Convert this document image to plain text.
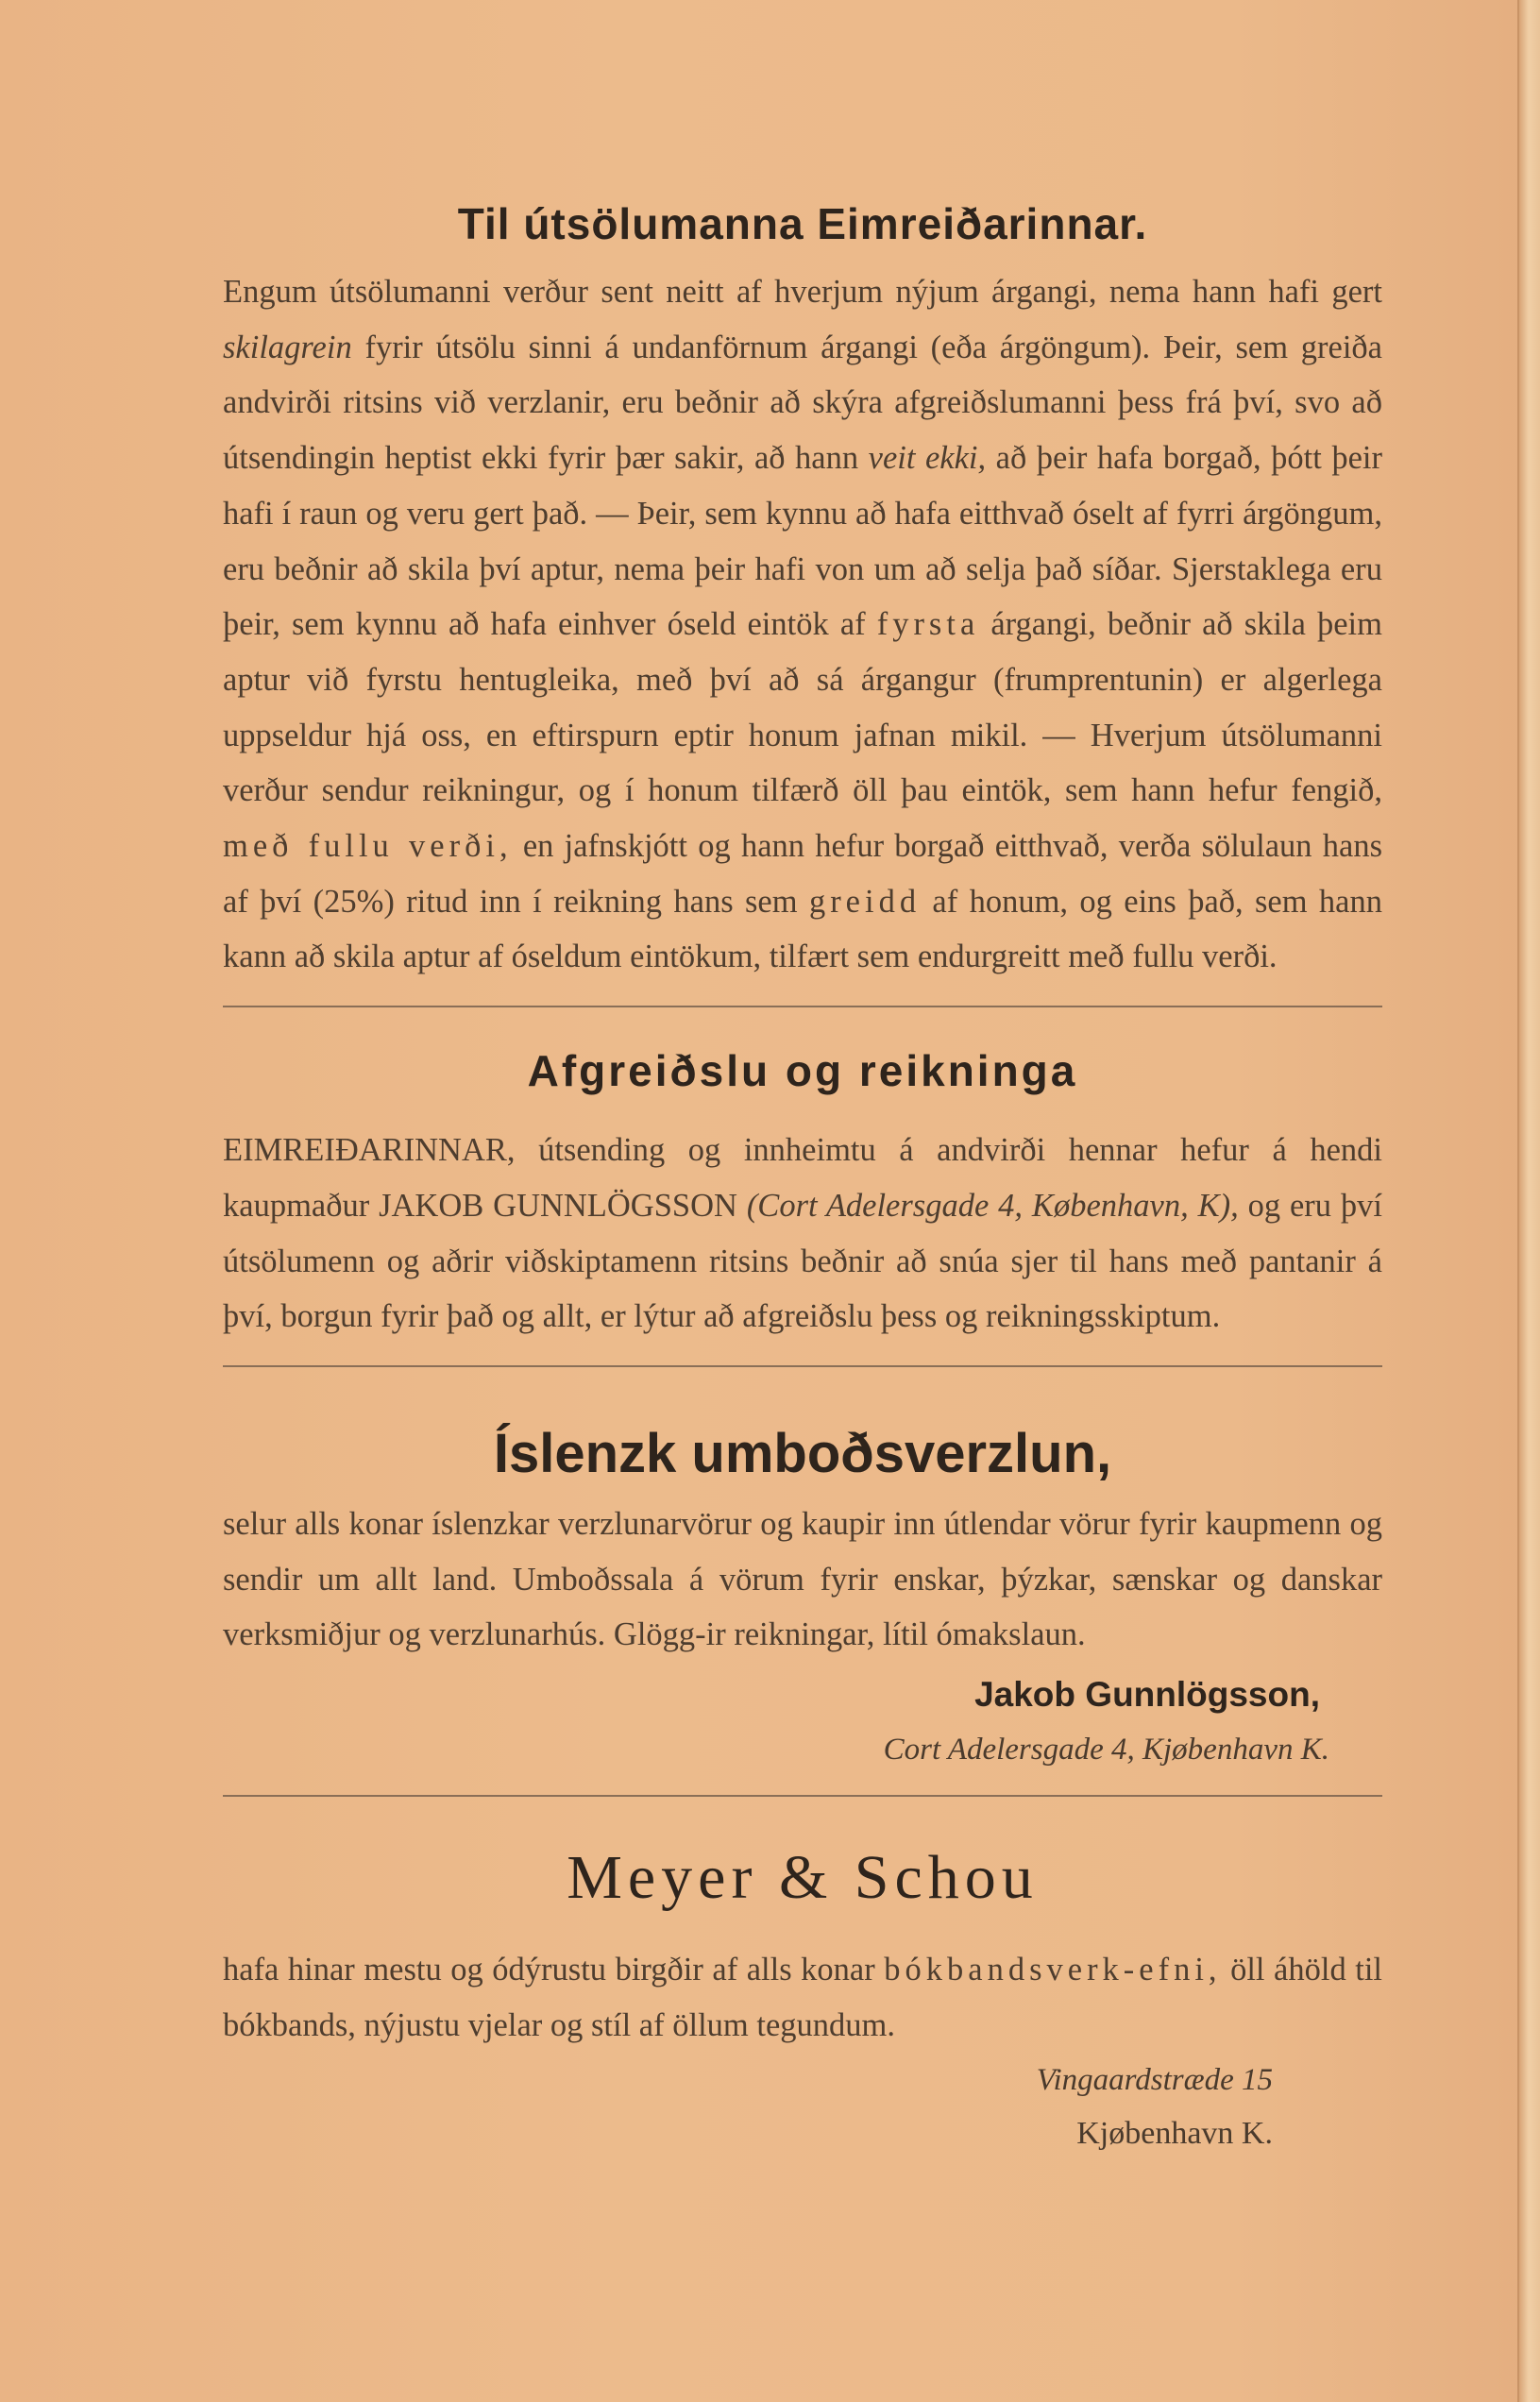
Til útsölumanna Eimreiðarinnar.

Engum útsölumanni verður sent neitt af hverjum nýjum árgangi, nema hann hafi gert skilagrein fyrir útsölu sinni á undanförnum árgangi (eða árgöngum). Þeir, sem greiða andvirði ritsins við verzlanir, eru beðnir að skýra afgreiðslumanni þess frá því, svo að útsendingin heptist ekki fyrir þær sakir, að hann veit ekki, að þeir hafa borgað, þótt þeir hafi í raun og veru gert það. — Þeir, sem kynnu að hafa eitthvað óselt af fyrri árgöngum, eru beðnir að skila því aptur, nema þeir hafi von um að selja það síðar. Sjerstaklega eru þeir, sem kynnu að hafa einhver óseld eintök af fyrsta árgangi, beðnir að skila þeim aptur við fyrstu hentugleika, með því að sá árgangur (frumprentunin) er algerlega uppseldur hjá oss, en eftirspurn eptir honum jafnan mikil. — Hverjum útsölumanni verður sendur reikningur, og í honum tilfærð öll þau eintök, sem hann hefur fengið, með fullu verði, en jafnskjótt og hann hefur borgað eitthvað, verða sölulaun hans af því (25%) ritud inn í reikning hans sem greidd af honum, og eins það, sem hann kann að skila aptur af óseldum eintökum, tilfært sem endurgreitt með fullu verði.

Afgreiðslu og reikninga

EIMREIÐARINNAR, útsending og innheimtu á andvirði hennar hefur á hendi kaupmaður JAKOB GUNNLÖGSSON (Cort Adelersgade 4, København, K), og eru því útsölumenn og aðrir viðskiptamenn ritsins beðnir að snúa sjer til hans með pantanir á því, borgun fyrir það og allt, er lýtur að afgreiðslu þess og reikningsskiptum.

Íslenzk umboðsverzlun,

selur alls konar íslenzkar verzlunarvörur og kaupir inn útlendar vörur fyrir kaupmenn og sendir um allt land. Umboðssala á vörum fyrir enskar, þýzkar, sænskar og danskar verksmiðjur og verzlunarhús. Glögg-ir reikningar, lítil ómakslaun.

Jakob Gunnlögsson,
Cort Adelersgade 4, Kjøbenhavn K.
Meyer & Schou

hafa hinar mestu og ódýrustu birgðir af alls konar bókbandsverk-efni, öll áhöld til bókbands, nýjustu vjelar og stíl af öllum tegundum.

Vingaardstræde 15
Kjøbenhavn K.
